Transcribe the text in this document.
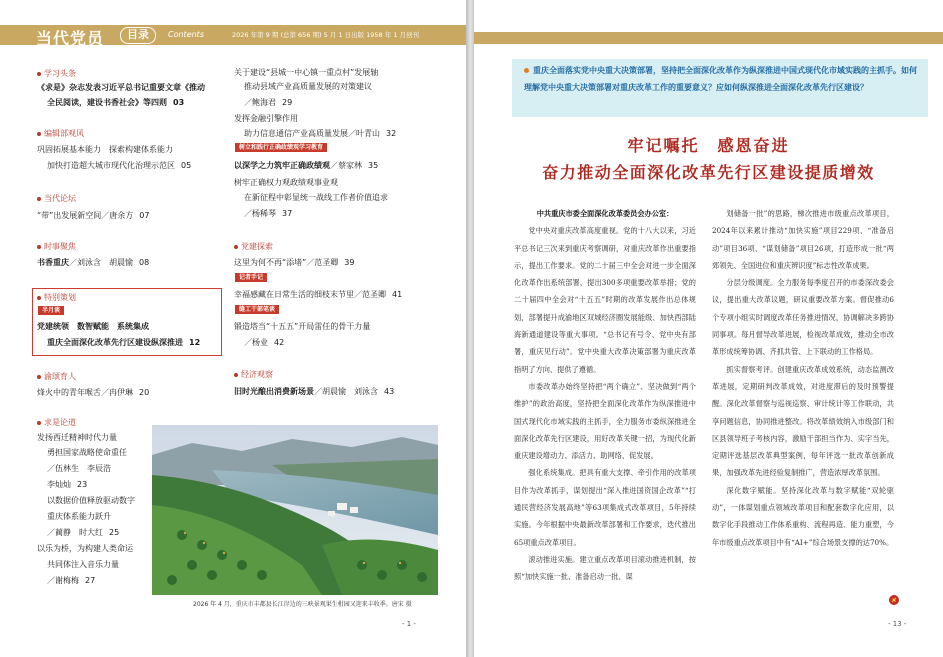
当代党员	目录	Contents	2026 年第 9 期 (总第 656 期) 5 月 1 日出版 1958 年 1 月创刊
2026 年 4 月，重庆市丰都县长江岸边的三峡景观果生柑园又迎来丰收季。唐宋 摄
- 1 -
学习头条
《求是》杂志发表习近平总书记重要文章《推动
全民阅读，建设书香社会》等四则 03
编辑部观风
巩固拓展基本能力　探索构建体系能力
加快打造超大城市现代化治理示范区 05
当代论坛
“带”出发展新空间／唐余方 07
时事聚焦
书香重庆／刘泳含　胡晨愉 08
特别策划
半月谈
党建统领　数智赋能　系统集成
重庆全面深化改革先行区建设纵深推进 12
渝颂育人
烽火中的青年喉舌／冉伊琳 20
求是论道
发扬西迁精神时代力量
勇担国家战略使命重任
／伍林生　李辰浩
李灿灿 23
以数据价值释放驱动数字
重庆体系能力跃升
／蔺静　时大红 25
以乐为桥，为构建人类命运
共同体注入音乐力量
／谢梅梅 27
关于建设“县城一中心镇一重点村”发展轴
推动县域产业高质量发展的对策建议
／鲍海君 29
发挥金融引擎作用
助力信息通信产业高质量发展／叶青山 32
树立和践行正确政绩观学习教育
以深学之力筑牢正确政绩观／蔡家林 35
树牢正确权力观政绩观事业观
在新征程中彰显统一战线工作者价值追求
／杨稀琴 37
党建探索
这里为何不再“添堵”／范圣卿 39
记者手记
幸福感藏在日常生活的细枝末节里／范圣卿 41
缝工干部笔谈
锻造塔当“十五五”开局雷任的骨干力量
／杨业 42
经济观察
旧时光酿出消费新场景／胡晨愉　刘泳含 43
重庆全面落实党中央重大决策部署，坚持把全面深化改革作为纵深推进中国式现代化市域实践的主抓手。如何理解党中央重大决策部署对重庆改革工作的重要意义？应如何纵深推进全面深化改革先行区建设？
牢记嘱托　感恩奋进
奋力推动全面深化改革先行区建设提质增效

中共重庆市委全面深化改革委员会办公室：

党中央对重庆改革高度重视。党的十八大以来，习近平总书记三次来到重庆考察调研，对重庆改革作出重要指示，提出工作要求。党的二十届三中全会对进一步全面深化改革作出系统部署，提出300多项重要改革举措；党的二十届四中全会对“十五五”时期的改革发展作出总体规划，部署提升成渝地区双城经济圈发展能级、加快西部陆海新通道建设等重大事项。“总书记有号令、党中央有部署，重庆见行动”。党中央重大改革决策部署为重庆改革指明了方向、提供了遵循。

市委改革办始终坚持把“两个确立”、坚决做到“两个维护”的政治高度，坚持把全面深化改革作为纵深推进中国式现代化市域实践的主抓手，全力服务市委纵深推进全面深化改革先行区建设，用好改革关键一招，为现代化新重庆建设增动力、添活力、助网络、促发展。

强化系统集成。把具有重大支撑、牵引作用的改革项目作为改革抓手，谋划提出“深入推进国资国企改革”“打通民营经济发展高地”等63项集成式改革项目，5年持续实施。今年根据中央最新改革部署和工作要求，迭代推出65项重点改革项目。

滚动推进实施。建立重点改革项目滚动推进机制，按照“加快实施一批、准备启动一批、谋

划储备一批”的思路，梯次推进市级重点改革项目，2024年以来累计推动“加快实施”项目229项、“准备启动”项目36项、“谋划储备”项目26项，打造形成一批“两郊领先、全国进位和重庆辨识度”标志性改革成果。

分层分级调度。全力服务每季度召开的市委深改委会议，提出重大改革议题，研议重要改革方案。督促推动6个专项小组实时调度改革任务推进情况，协调解决多跨协同事项。每月督导改革进展，检视改革成效，推动全市改革形成统筹协调、齐抓共管、上下联动的工作格局。

抓实督察考评。创建重庆改革成效系统，动态监测改革进展，定期研判改革成效，对进度滞后的及时预警提醒。深化改革督察与巡视巡察、审计统计等工作联动，共享问题信息，协同推进整改。将改革绩效纳入市级部门和区县领导班子考核内容，激励干部担当作为、实字当先，定期评选基层改革典型案例，每年评选一批改革创新成果，加强改革先进经验复制推广，营造浓厚改革氛围。

深化数字赋能。坚持深化改革与数字赋能“双轮驱动”，一体谋划重点领域改革项目和配套数字化应用，以数字化手段推动工作体系重构、流程再造、能力重塑，今年市级重点改革项目中有“AI+”综合场景支撑的达70%。

- 13 -
